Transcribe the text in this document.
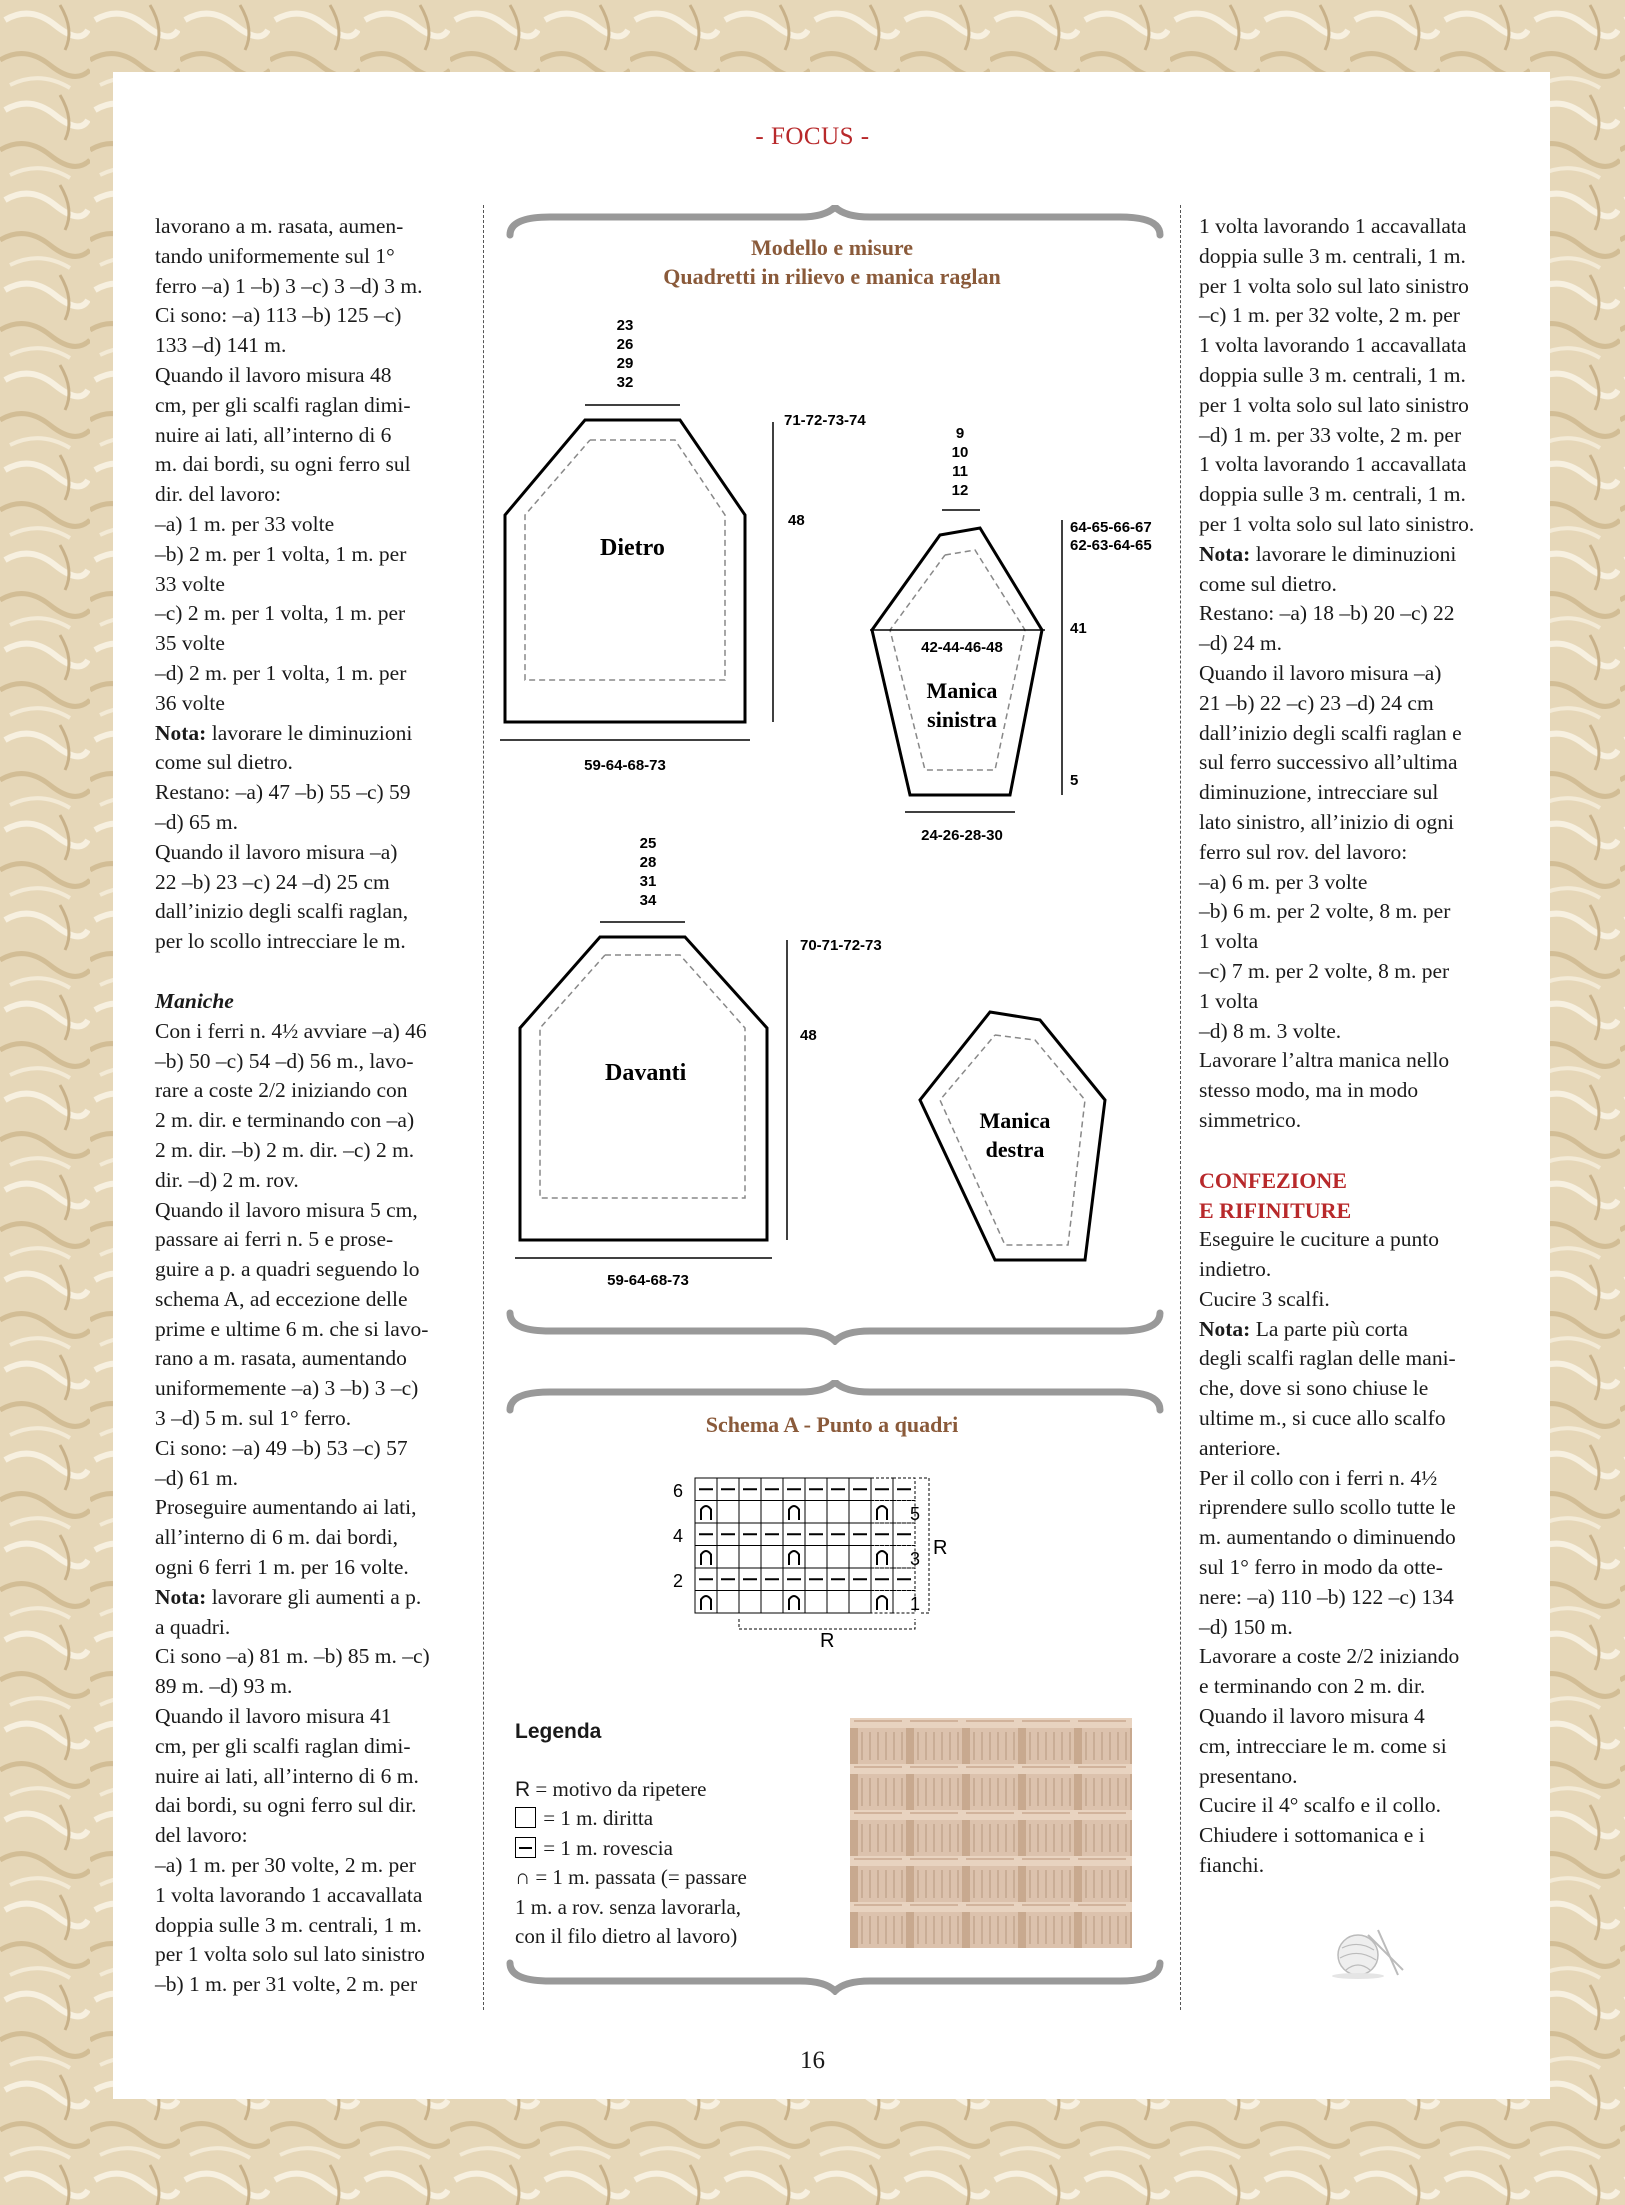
- FOCUS -

lavorano a m. rasata, aumen-

tando uniformemente sul 1°

ferro –a) 1 –b) 3 –c) 3 –d) 3 m.

Ci sono: –a) 113 –b) 125 –c)

133 –d) 141 m.

Quando il lavoro misura 48

cm, per gli scalfi raglan dimi-

nuire ai lati, all’interno di 6

m. dai bordi, su ogni ferro sul

dir. del lavoro:

–a) 1 m. per 33 volte

–b) 2 m. per 1 volta, 1 m. per

33 volte

–c) 2 m. per 1 volta, 1 m. per

35 volte

–d) 2 m. per 1 volta, 1 m. per

36 volte

Nota: lavorare le diminuzioni

come sul dietro.

Restano: –a) 47 –b) 55 –c) 59

–d) 65 m.

Quando il lavoro misura –a)

22 –b) 23 –c) 24 –d) 25 cm

dall’inizio degli scalfi raglan,

per lo scollo intrecciare le m.

Maniche

Con i ferri n. 4½ avviare –a) 46

–b) 50 –c) 54 –d) 56 m., lavo-

rare a coste 2/2 iniziando con

2 m. dir. e terminando con –a)

2 m. dir. –b) 2 m. dir. –c) 2 m.

dir. –d) 2 m. rov.

Quando il lavoro misura 5 cm,

passare ai ferri n. 5 e prose-

guire a p. a quadri seguendo lo

schema A, ad eccezione delle

prime e ultime 6 m. che si lavo-

rano a m. rasata, aumentando

uniformemente –a) 3 –b) 3 –c)

3 –d) 5 m. sul 1° ferro.

Ci sono: –a) 49 –b) 53 –c) 57

–d) 61 m.

Proseguire aumentando ai lati,

all’interno di 6 m. dai bordi,

ogni 6 ferri 1 m. per 16 volte.

Nota: lavorare gli aumenti a p.

a quadri.

Ci sono –a) 81 m. –b) 85 m. –c)

89 m. –d) 93 m.

Quando il lavoro misura 41

cm, per gli scalfi raglan dimi-

nuire ai lati, all’interno di 6 m.

dai bordi, su ogni ferro sul dir.

del lavoro:

–a) 1 m. per 30 volte, 2 m. per

1 volta lavorando 1 accavallata

doppia sulle 3 m. centrali, 1 m.

per 1 volta solo sul lato sinistro

–b) 1 m. per 31 volte, 2 m. per

1 volta lavorando 1 accavallata

doppia sulle 3 m. centrali, 1 m.

per 1 volta solo sul lato sinistro

–c) 1 m. per 32 volte, 2 m. per

1 volta lavorando 1 accavallata

doppia sulle 3 m. centrali, 1 m.

per 1 volta solo sul lato sinistro

–d) 1 m. per 33 volte, 2 m. per

1 volta lavorando 1 accavallata

doppia sulle 3 m. centrali, 1 m.

per 1 volta solo sul lato sinistro.

Nota: lavorare le diminuzioni

come sul dietro.

Restano: –a) 18 –b) 20 –c) 22

–d) 24 m.

Quando il lavoro misura –a)

21 –b) 22 –c) 23 –d) 24 cm

dall’inizio degli scalfi raglan e

sul ferro successivo all’ultima

diminuzione, intrecciare sul

lato sinistro, all’inizio di ogni

ferro sul rov. del lavoro:

–a) 6 m. per 3 volte

–b) 6 m. per 2 volte, 8 m. per

1 volta

–c) 7 m. per 2 volte, 8 m. per

1 volta

–d) 8 m. 3 volte.

Lavorare l’altra manica nello

stesso modo, ma in modo

simmetrico.

CONFEZIONE

E RIFINITURE

Eseguire le cuciture a punto

indietro.

Cucire 3 scalfi.

Nota: La parte più corta

degli scalfi raglan delle mani-

che, dove si sono chiuse le

ultime m., si cuce allo scalfo

anteriore.

Per il collo con i ferri n. 4½

riprendere sullo scollo tutte le

m. aumentando o diminuendo

sul 1° ferro in modo da otte-

nere: –a) 110 –b) 122 –c) 134

–d) 150 m.

Lavorare a coste 2/2 iniziando

e terminando con 2 m. dir.

Quando il lavoro misura 4

cm, intrecciare le m. come si

presentano.

Cucire il 4° scalfo e il collo.

Chiudere i sottomanica e i

fianchi.

Modello e misure
Quadretti in rilievo e manica raglan
Dietro
23
26
29
32
71-72-73-74
48
59-64-68-73
42-44-46-48
Manica
sinistra
9
10
11
12
64-65-66-67
62-63-64-65
41
5
24-26-28-30
Davanti
25
28
31
34
70-71-72-73
48
59-64-68-73
Manica
destra
Schema A - Punto a quadri
6
4
2
5
3
1
R
R

Legenda

R = motivo da ripetere

= 1 m. diritta

= 1 m. rovescia

∩ = 1 m. passata (= passare

1 m. a rov. senza lavorarla,

con il filo dietro al lavoro)

16
